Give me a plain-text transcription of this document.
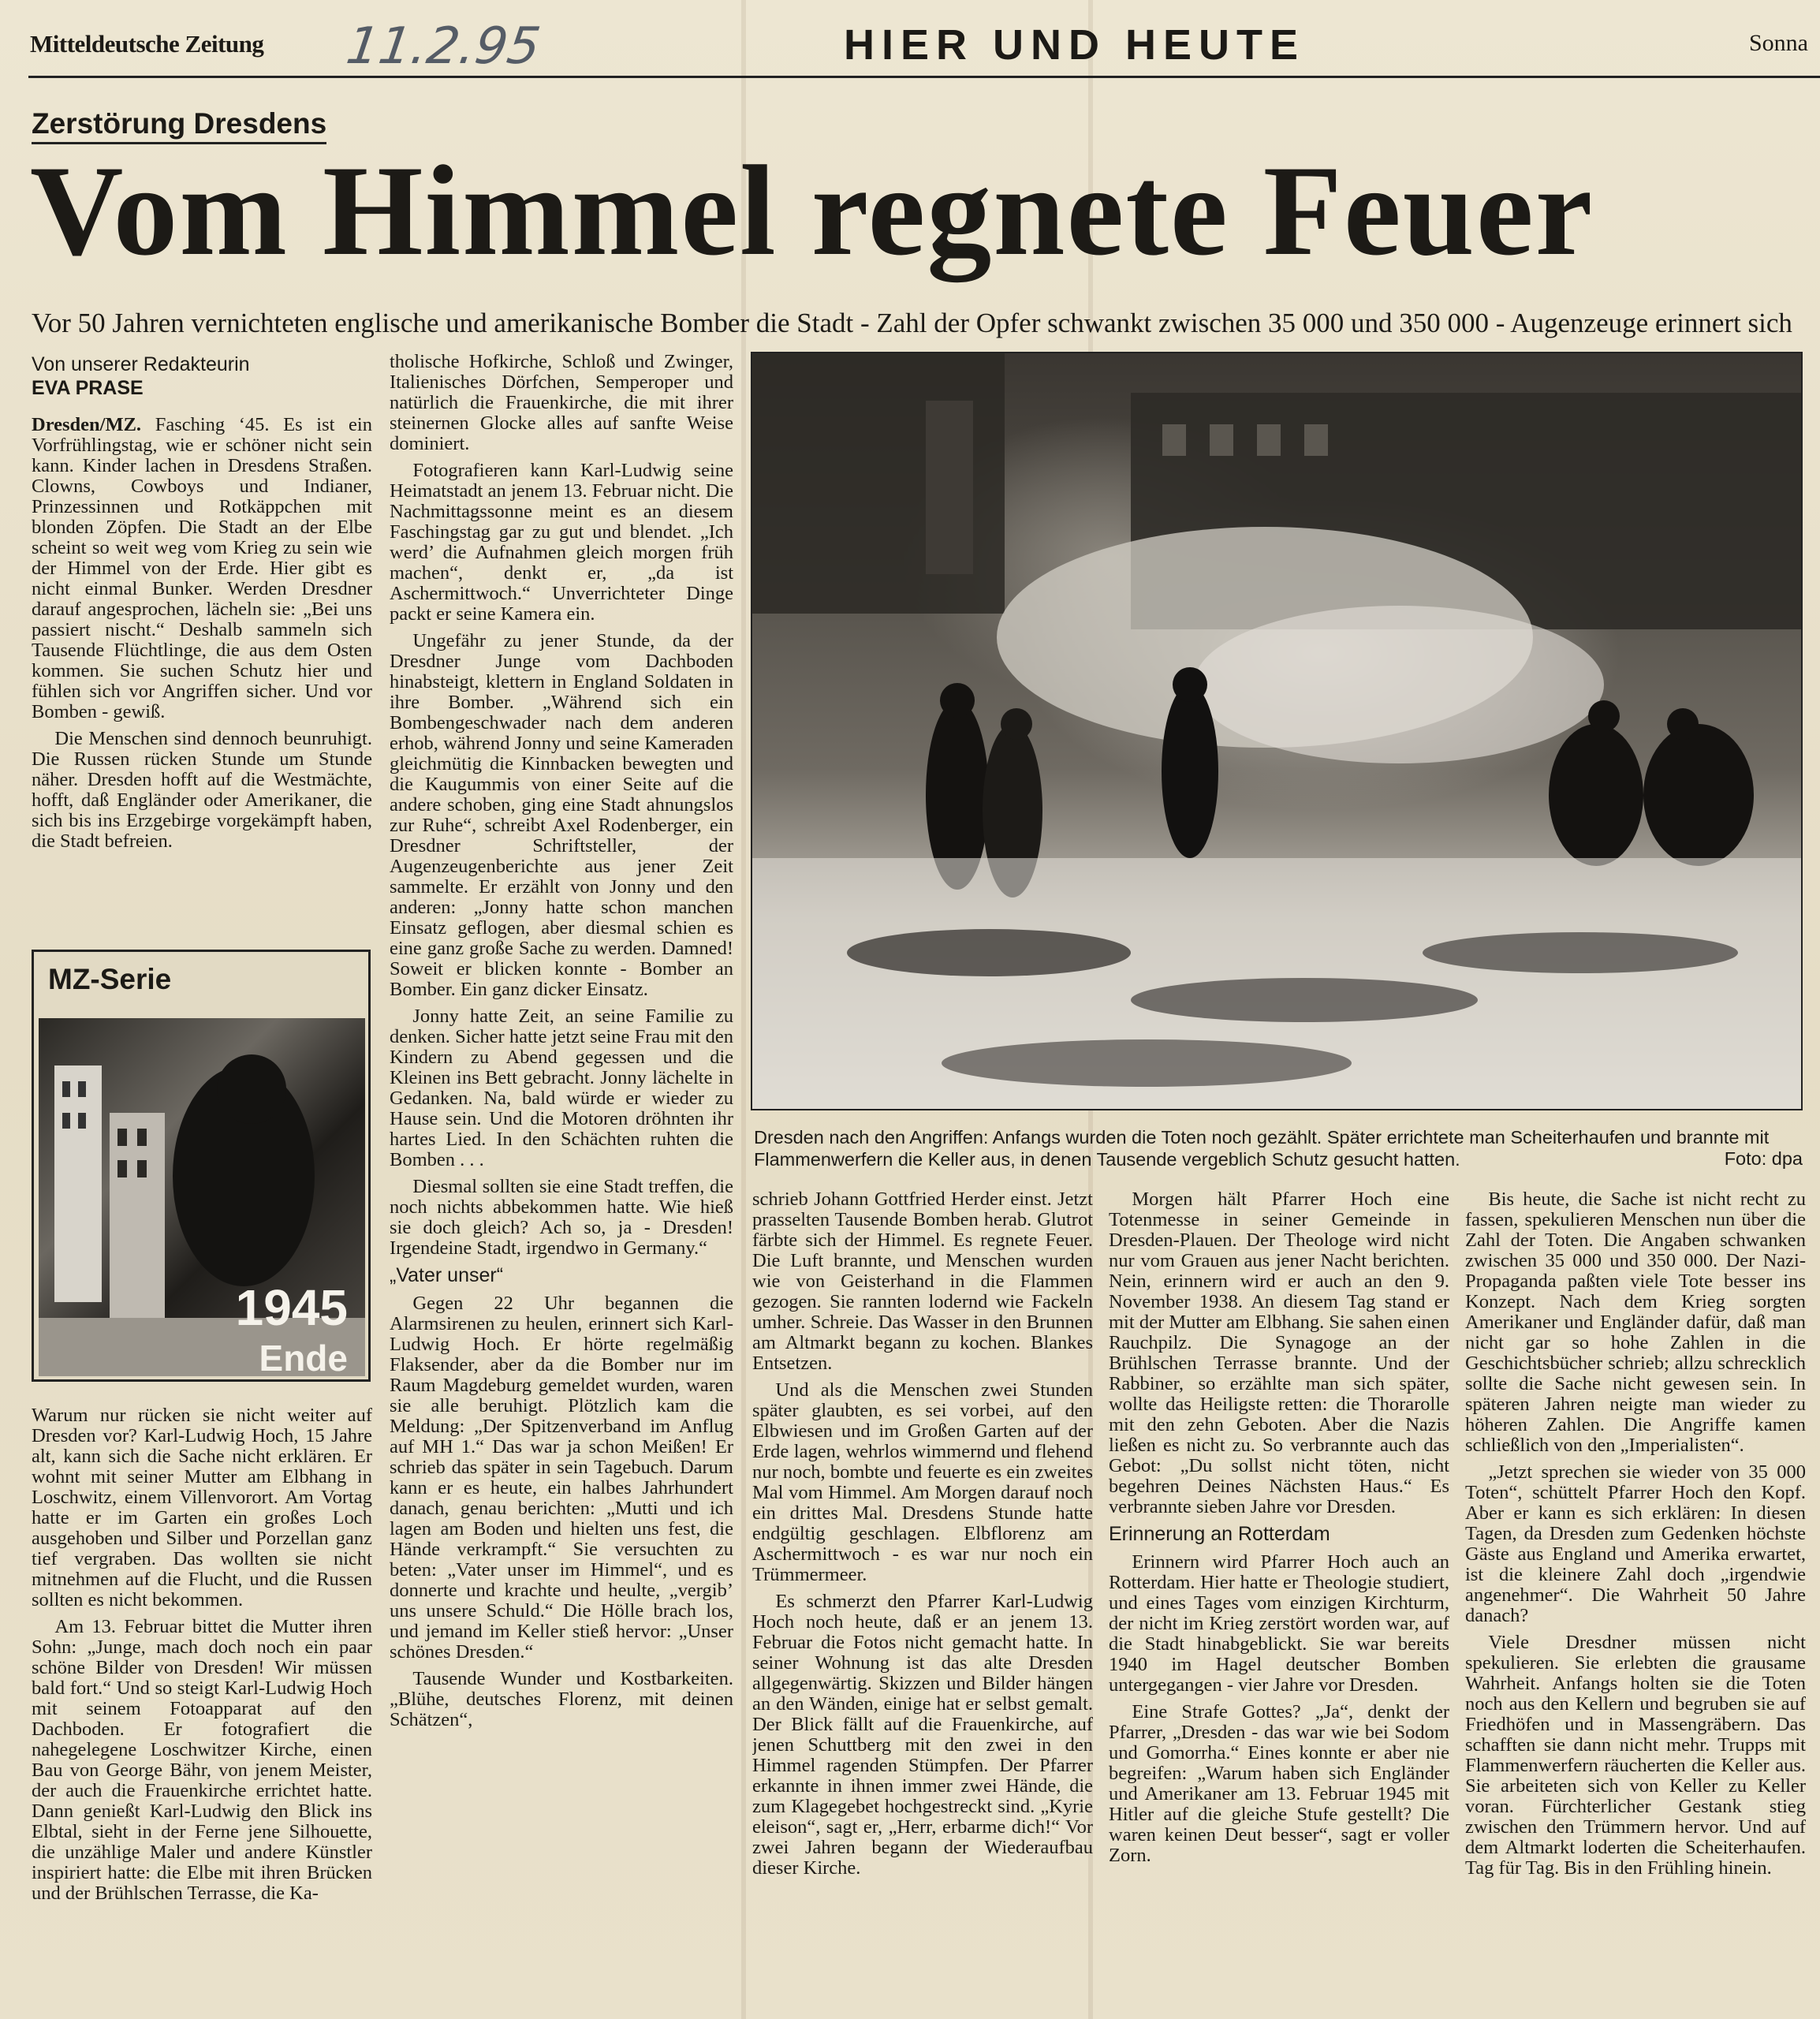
Mitteldeutsche Zeitung 11.2.95	HIER UND HEUTE	Sonna
Zerstörung Dresdens
Vom Himmel regnete Feuer
Vor 50 Jahren vernichteten englische und amerikanische Bomber die Stadt - Zahl der Opfer schwankt zwischen 35 000 und 350 000 - Augenzeuge erinnert sich
Von unserer Redakteurin
EVA PRASE

Dresden/MZ. Fasching ‘45. Es ist ein Vorfrühlingstag, wie er schöner nicht sein kann. Kinder lachen in Dresdens Straßen. Clowns, Cowboys und Indianer, Prinzessinnen und Rotkäppchen mit blonden Zöpfen. Die Stadt an der Elbe scheint so weit weg vom Krieg zu sein wie der Himmel von der Erde. Hier gibt es nicht einmal Bunker. Werden Dresdner darauf angesprochen, lächeln sie: „Bei uns passiert nischt.“ Deshalb sammeln sich Tausende Flüchtlinge, die aus dem Osten kommen. Sie suchen Schutz hier und fühlen sich vor Angriffen sicher. Und vor Bomben - gewiß.

Die Menschen sind dennoch beunruhigt. Die Russen rücken Stunde um Stunde näher. Dresden hofft auf die Westmächte, hofft, daß Engländer oder Amerikaner, die sich bis ins Erzgebirge vorgekämpft haben, die Stadt befreien.

MZ-Serie
1945
Ende

Warum nur rücken sie nicht weiter auf Dresden vor? Karl-Ludwig Hoch, 15 Jahre alt, kann sich die Sache nicht erklären. Er wohnt mit seiner Mutter am Elbhang in Loschwitz, einem Villenvorort. Am Vortag hatte er im Garten ein großes Loch ausgehoben und Silber und Porzellan ganz tief vergraben. Das wollten sie nicht mitnehmen auf die Flucht, und die Russen sollten es nicht bekommen.

Am 13. Februar bittet die Mutter ihren Sohn: „Junge, mach doch noch ein paar schöne Bilder von Dresden! Wir müssen bald fort.“ Und so steigt Karl-Ludwig Hoch mit seinem Fotoapparat auf den Dachboden. Er fotografiert die nahegelegene Loschwitzer Kirche, einen Bau von George Bähr, von jenem Meister, der auch die Frauenkirche errichtet hatte. Dann genießt Karl-Ludwig den Blick ins Elbtal, sieht in der Ferne jene Silhouette, die unzählige Maler und andere Künstler inspiriert hatte: die Elbe mit ihren Brücken und der Brühlschen Terrasse, die Ka-

tholische Hofkirche, Schloß und Zwinger, Italienisches Dörfchen, Semperoper und natürlich die Frauenkirche, die mit ihrer steinernen Glocke alles auf sanfte Weise dominiert.

Fotografieren kann Karl-Ludwig seine Heimatstadt an jenem 13. Februar nicht. Die Nachmittagssonne meint es an diesem Faschingstag gar zu gut und blendet. „Ich werd’ die Aufnahmen gleich morgen früh machen“, denkt er, „da ist Aschermittwoch.“ Unverrichteter Dinge packt er seine Kamera ein.

Ungefähr zu jener Stunde, da der Dresdner Junge vom Dachboden hinabsteigt, klettern in England Soldaten in ihre Bomber. „Während sich ein Bombengeschwader nach dem anderen erhob, während Jonny und seine Kameraden gleichmütig die Kinnbacken bewegten und die Kaugummis von einer Seite auf die andere schoben, ging eine Stadt ahnungslos zur Ruhe“, schreibt Axel Rodenberger, ein Dresdner Schriftsteller, der Augenzeugenberichte aus jener Zeit sammelte. Er erzählt von Jonny und den anderen: „Jonny hatte schon manchen Einsatz geflogen, aber diesmal schien es eine ganz große Sache zu werden. Damned! Soweit er blicken konnte - Bomber an Bomber. Ein ganz dicker Einsatz.

Jonny hatte Zeit, an seine Familie zu denken. Sicher hatte jetzt seine Frau mit den Kindern zu Abend gegessen und die Kleinen ins Bett gebracht. Jonny lächelte in Gedanken. Na, bald würde er wieder zu Hause sein. Und die Motoren dröhnten ihr hartes Lied. In den Schächten ruhten die Bomben . . .

Diesmal sollten sie eine Stadt treffen, die noch nichts abbekommen hatte. Wie hieß sie doch gleich? Ach so, ja - Dresden! Irgendeine Stadt, irgendwo in Germany.“

„Vater unser“

Gegen 22 Uhr begannen die Alarmsirenen zu heulen, erinnert sich Karl-Ludwig Hoch. Er hörte regelmäßig Flaksender, aber da die Bomber nur im Raum Magdeburg gemeldet wurden, waren sie alle beruhigt. Plötzlich kam die Meldung: „Der Spitzenverband im Anflug auf MH 1.“ Das war ja schon Meißen! Er schrieb das später in sein Tagebuch. Darum kann er es heute, ein halbes Jahrhundert danach, genau berichten: „Mutti und ich lagen am Boden und hielten uns fest, die Hände verkrampft.“ Sie versuchten zu beten: „Vater unser im Himmel“, und es donnerte und krachte und heulte, „vergib’ uns unsere Schuld.“ Die Hölle brach los, und jemand im Keller stieß hervor: „Unser schönes Dresden.“

Tausende Wunder und Kostbarkeiten. „Blühe, deutsches Florenz, mit deinen Schätzen“,

Dresden nach den Angriffen: Anfangs wurden die Toten noch gezählt. Später errichtete man Scheiterhaufen und brannte mit Flammenwerfern die Keller aus, in denen Tausende vergeblich Schutz gesucht hatten.	Foto: dpa

schrieb Johann Gottfried Herder einst. Jetzt prasselten Tausende Bomben herab. Glutrot färbte sich der Himmel. Es regnete Feuer. Die Luft brannte, und Menschen wurden wie von Geisterhand in die Flammen gezogen. Sie rannten lodernd wie Fackeln umher. Schreie. Das Wasser in den Brunnen am Altmarkt begann zu kochen. Blankes Entsetzen.

Und als die Menschen zwei Stunden später glaubten, es sei vorbei, auf den Elbwiesen und im Großen Garten auf der Erde lagen, wehrlos wimmernd und flehend nur noch, bombte und feuerte es ein zweites Mal vom Himmel. Am Morgen darauf noch ein drittes Mal. Dresdens Stunde hatte endgültig geschlagen. Elbflorenz am Aschermittwoch - es war nur noch ein Trümmermeer.

Es schmerzt den Pfarrer Karl-Ludwig Hoch noch heute, daß er an jenem 13. Februar die Fotos nicht gemacht hatte. In seiner Wohnung ist das alte Dresden allgegenwärtig. Skizzen und Bilder hängen an den Wänden, einige hat er selbst gemalt. Der Blick fällt auf die Frauenkirche, auf jenen Schuttberg mit den zwei in den Himmel ragenden Stümpfen. Der Pfarrer erkannte in ihnen immer zwei Hände, die zum Klagegebet hochgestreckt sind. „Kyrie eleison“, sagt er, „Herr, erbarme dich!“ Vor zwei Jahren begann der Wiederaufbau dieser Kirche.

Morgen hält Pfarrer Hoch eine Totenmesse in seiner Gemeinde in Dresden-Plauen. Der Theologe wird nicht nur vom Grauen aus jener Nacht berichten. Nein, erinnern wird er auch an den 9. November 1938. An diesem Tag stand er mit der Mutter am Elbhang. Sie sahen einen Rauchpilz. Die Synagoge an der Brühlschen Terrasse brannte. Und der Rabbiner, so erzählte man sich später, wollte das Heiligste retten: die Thorarolle mit den zehn Geboten. Aber die Nazis ließen es nicht zu. So verbrannte auch das Gebot: „Du sollst nicht töten, nicht begehren Deines Nächsten Haus.“ Es verbrannte sieben Jahre vor Dresden.

Erinnerung an Rotterdam

Erinnern wird Pfarrer Hoch auch an Rotterdam. Hier hatte er Theologie studiert, und eines Tages vom einzigen Kirchturm, der nicht im Krieg zerstört worden war, auf die Stadt hinabgeblickt. Sie war bereits 1940 im Hagel deutscher Bomben untergegangen - vier Jahre vor Dresden.

Eine Strafe Gottes? „Ja“, denkt der Pfarrer, „Dresden - das war wie bei Sodom und Gomorrha.“ Eines konnte er aber nie begreifen: „Warum haben sich Engländer und Amerikaner am 13. Februar 1945 mit Hitler auf die gleiche Stufe gestellt? Die waren keinen Deut besser“, sagt er voller Zorn.

Bis heute, die Sache ist nicht recht zu fassen, spekulieren Menschen nun über die Zahl der Toten. Die Angaben schwanken zwischen 35 000 und 350 000. Der Nazi-Propaganda paßten viele Tote besser ins Konzept. Nach dem Krieg sorgten Amerikaner und Engländer dafür, daß man nicht gar so hohe Zahlen in die Geschichtsbücher schrieb; allzu schrecklich sollte die Sache nicht gewesen sein. In späteren Jahren neigte man wieder zu höheren Zahlen. Die Angriffe kamen schließlich von den „Imperialisten“.

„Jetzt sprechen sie wieder von 35 000 Toten“, schüttelt Pfarrer Hoch den Kopf. Aber er kann es sich erklären: In diesen Tagen, da Dresden zum Gedenken höchste Gäste aus England und Amerika erwartet, ist die kleinere Zahl doch „irgendwie angenehmer“. Die Wahrheit 50 Jahre danach?

Viele Dresdner müssen nicht spekulieren. Sie erlebten die grausame Wahrheit. Anfangs holten sie die Toten noch aus den Kellern und begruben sie auf Friedhöfen und in Massengräbern. Das schafften sie dann nicht mehr. Trupps mit Flammenwerfern räucherten die Keller aus. Sie arbeiteten sich von Keller zu Keller voran. Fürchterlicher Gestank stieg zwischen den Trümmern hervor. Und auf dem Altmarkt loderten die Scheiterhaufen. Tag für Tag. Bis in den Frühling hinein.
